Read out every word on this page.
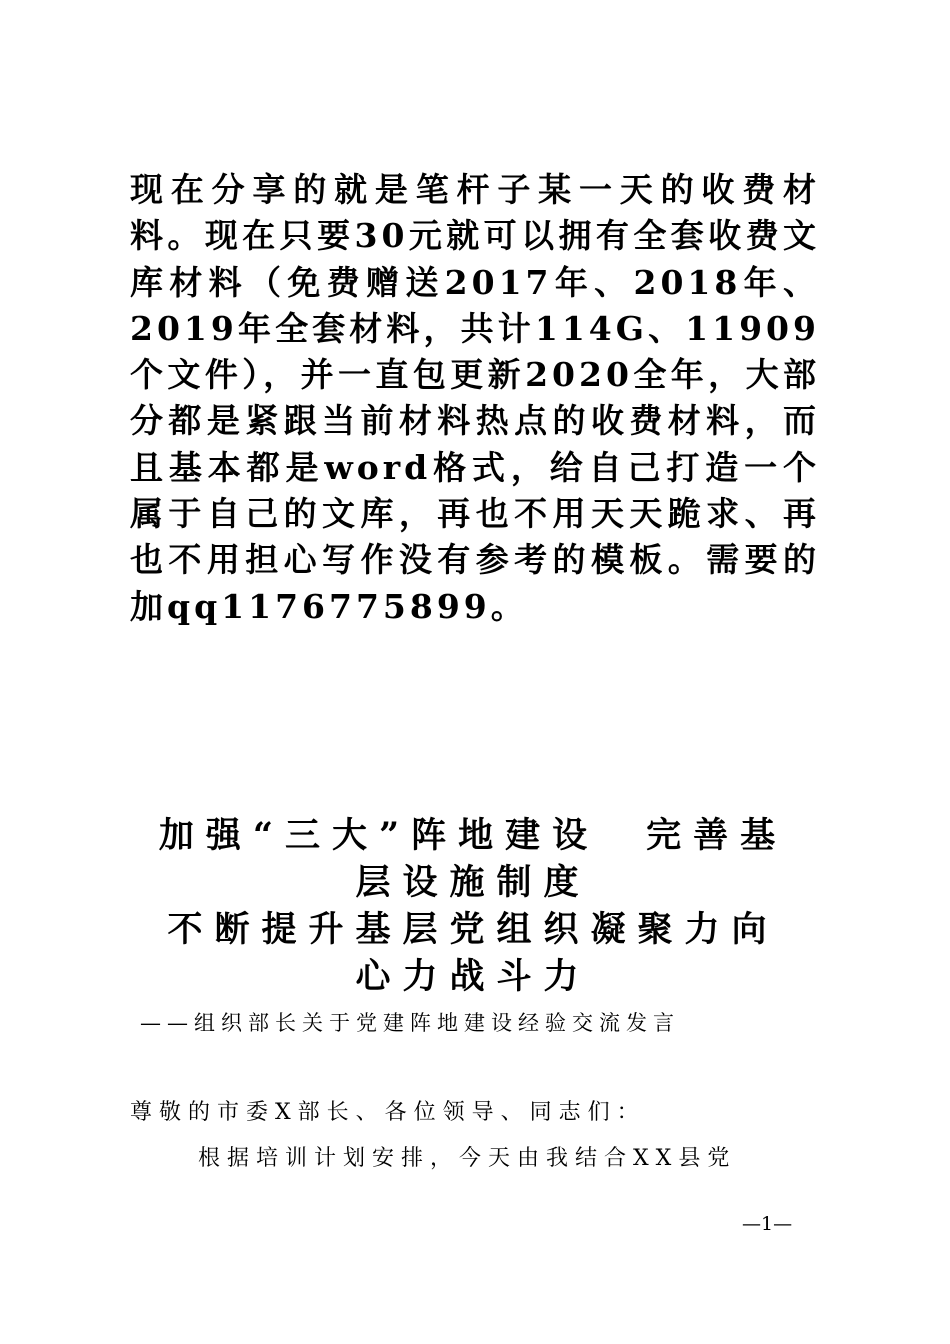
现在分享的就是笔杆子某一天的收费材料。现在只要30元就可以拥有全套收费文库材料（免费赠送2017年、2018年、2019年全套材料，共计114G、11909个文件），并一直包更新2020全年，大部分都是紧跟当前材料热点的收费材料，而且基本都是word格式，给自己打造一个属于自己的文库，再也不用天天跪求、再也不用担心写作没有参考的模板。需要的加qq1176775899。
加强“三大”阵地建设　完善基
层设施制度
不断提升基层党组织凝聚力向
心力战斗力
——组织部长关于党建阵地建设经验交流发言
尊敬的市委X部长、各位领导、同志们：
根据培训计划安排，今天由我结合XX县党
—1—
